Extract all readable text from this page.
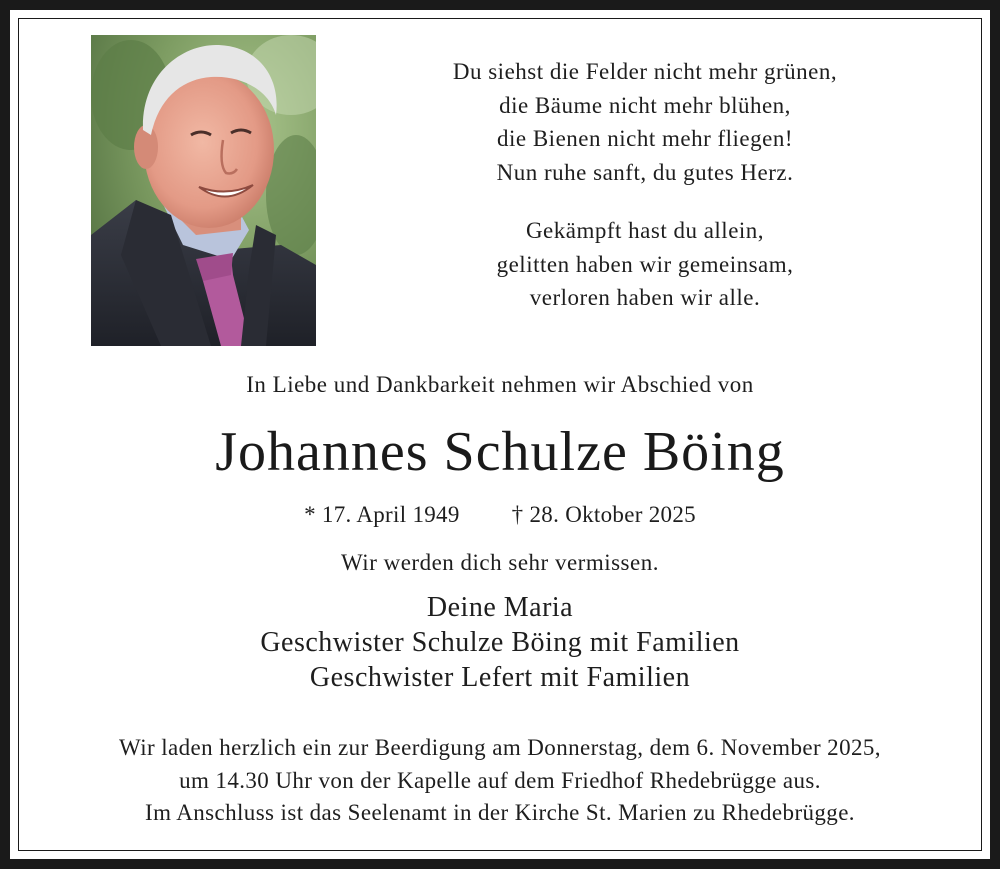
Du siehst die Felder nicht mehr grünen,
die Bäume nicht mehr blühen,
die Bienen nicht mehr fliegen!
Nun ruhe sanft, du gutes Herz.
Gekämpft hast du allein,
gelitten haben wir gemeinsam,
verloren haben wir alle.
In Liebe und Dankbarkeit nehmen wir Abschied von
Johannes Schulze Böing
* 17. April 1949 † 28. Oktober 2025
Wir werden dich sehr vermissen.
Deine Maria
Geschwister Schulze Böing mit Familien
Geschwister Lefert mit Familien
Wir laden herzlich ein zur Beerdigung am Donnerstag, dem 6. November 2025,
um 14.30 Uhr von der Kapelle auf dem Friedhof Rhedebrügge aus.
Im Anschluss ist das Seelenamt in der Kirche St. Marien zu Rhedebrügge.
